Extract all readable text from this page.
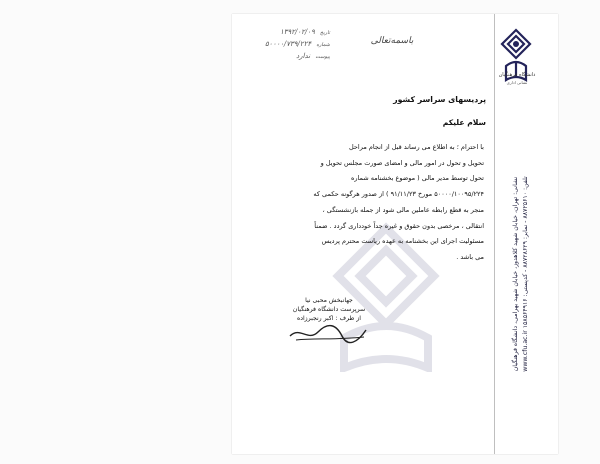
دانشگاه فرهنگیان
نشانی اداری
نشانی: تهران، خیابان شهید کلاهدوز، خیابان شهید بهرامی، دانشگاه فرهنگیان تلفن: ۸۸۷۲۵۶۱۰ - نمابر: ۸۸۷۲۸۶۲۹ - کدپستی: ۱۵۸۵۶۴۹۱۶ www.cfu.ac.ir
باسمه‌تعالی
تاریخ ۱۳۹۲/۰۲/۰۹
شماره ۵۰۰۰۰/۷۳۹/۲۲۴
پیوست ندارد
پردیسهای سراسر کشور
سلام علیکم
با احترام ؛ به اطلاع می رساند قبل از انجام مراحل
تحویل و تحول در امور مالی و امضای صورت مجلس تحویل و
تحول توسط مدیر مالی ( موضوع بخشنامه شماره
۵۰۰۰۰/۱۰۰۹۵/۲۲۴ مورخ ۹۱/۱۱/۲۳ ) از صدور هرگونه حکمی که
منجر به قطع رابطه عاملین مالی شود از جمله بازنشستگی ،
انتقالی ، مرخصی بدون حقوق و غیره جداً خودداری گردد . ضمناً
مسئولیت اجرای این بخشنامه به عهده ریاست محترم پردیس
می باشد .
جهانبخش محبی نیا
سرپرست دانشگاه فرهنگیان
از طرف : اکبر رنجبرزاده
